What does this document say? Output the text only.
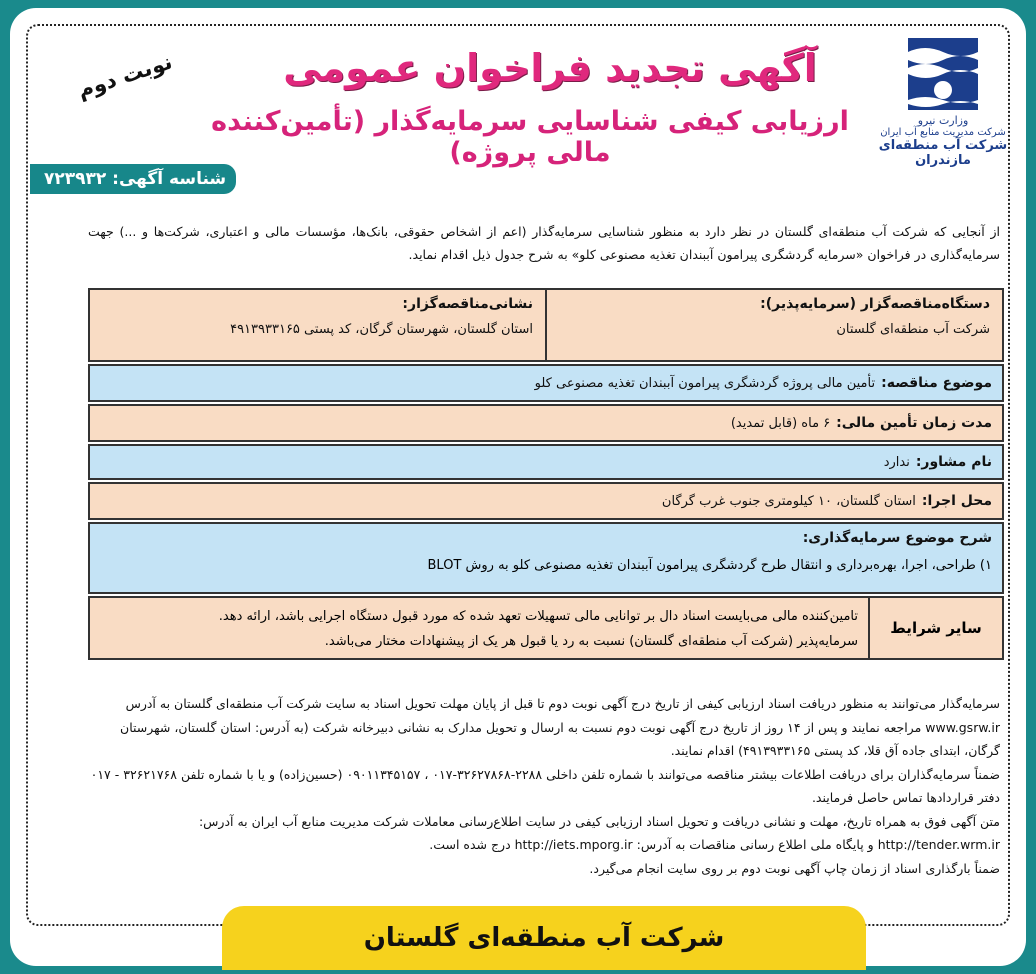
نوبت دوم	آگهی تجدید فراخوان عمومی
ارزیابی کیفی شناسایی سرمایه‌گذار (تأمین‌کننده مالی پروژه)
شناسه آگهی: ۷۲۳۹۳۲
وزارت نیرو
شرکت مدیریت منابع آب ایران
شرکت آب منطقه‌ای مازندران
از آنجایی که شرکت آب منطقه‌ای گلستان در نظر دارد به منظور شناسایی سرمایه‌گذار (اعم از اشخاص حقوقی، بانک‌ها، مؤسسات مالی و اعتباری، شرکت‌ها و ...) جهت سرمایه‌گذاری در فراخوان «سرمایه گردشگری پیرامون آببندان تغذیه مصنوعی کلو» به شرح جدول ذیل اقدام نماید.
دستگاه‌مناقصه‌گزار (سرمایه‌پذیر):
شرکت آب منطقه‌ای گلستان
نشانی‌مناقصه‌گزار:
استان گلستان، شهرستان گرگان، کد پستی ۴۹۱۳۹۳۳۱۶۵
موضوع مناقصه:
تأمین مالی پروژه گردشگری پیرامون آببندان تغذیه مصنوعی کلو
مدت زمان تأمین مالی:
۶ ماه (قابل تمدید)
نام مشاور:
ندارد
محل اجرا:
استان گلستان، ۱۰ کیلومتری جنوب غرب گرگان
شرح موضوع سرمایه‌گذاری:
۱) طراحی، اجرا، بهره‌برداری و انتقال طرح گردشگری پیرامون آببندان تغذیه مصنوعی کلو به روش BLOT
سایر شرایط
تامین‌کننده مالی می‌بایست اسناد دال بر توانایی مالی تسهیلات تعهد شده که مورد قبول دستگاه اجرایی باشد، ارائه دهد.
سرمایه‌پذیر (شرکت آب منطقه‌ای گلستان) نسبت به رد یا قبول هر یک از پیشنهادات مختار می‌باشد.

سرمایه‌گذار می‌توانند به منظور دریافت اسناد ارزیابی کیفی از تاریخ درج آگهی نوبت دوم تا قبل از پایان مهلت تحویل اسناد به سایت شرکت آب منطقه‌ای گلستان به آدرس www.gsrw.ir مراجعه نمایند و پس از ۱۴ روز از تاریخ درج آگهی نوبت دوم نسبت به ارسال و تحویل مدارک به نشانی دبیرخانه شرکت (به آدرس: استان گلستان، شهرستان گرگان، ابتدای جاده آق قلا، کد پستی ۴۹۱۳۹۳۳۱۶۵) اقدام نمایند.

ضمناً سرمایه‌گذاران برای دریافت اطلاعات بیشتر مناقصه می‌توانند با شماره تلفن داخلی ۲۲۸۸-۳۲۶۲۷۸۶۸-۰۱۷ ، ۰۹۰۱۱۳۴۵۱۵۷ (حسین‌زاده) و یا با شماره تلفن ۳۲۶۲۱۷۶۸ - ۰۱۷ دفتر قراردادها تماس حاصل فرمایند.

متن آگهی فوق به همراه تاریخ، مهلت و نشانی دریافت و تحویل اسناد ارزیابی کیفی در سایت اطلاع‌رسانی معاملات شرکت مدیریت منابع آب ایران به آدرس: http://tender.wrm.ir و پایگاه ملی اطلاع رسانی مناقصات به آدرس: http://iets.mporg.ir درج شده است.

ضمناً بارگذاری اسناد از زمان چاپ آگهی نوبت دوم بر روی سایت انجام می‌گیرد.

شرکت آب منطقه‌ای گلستان
